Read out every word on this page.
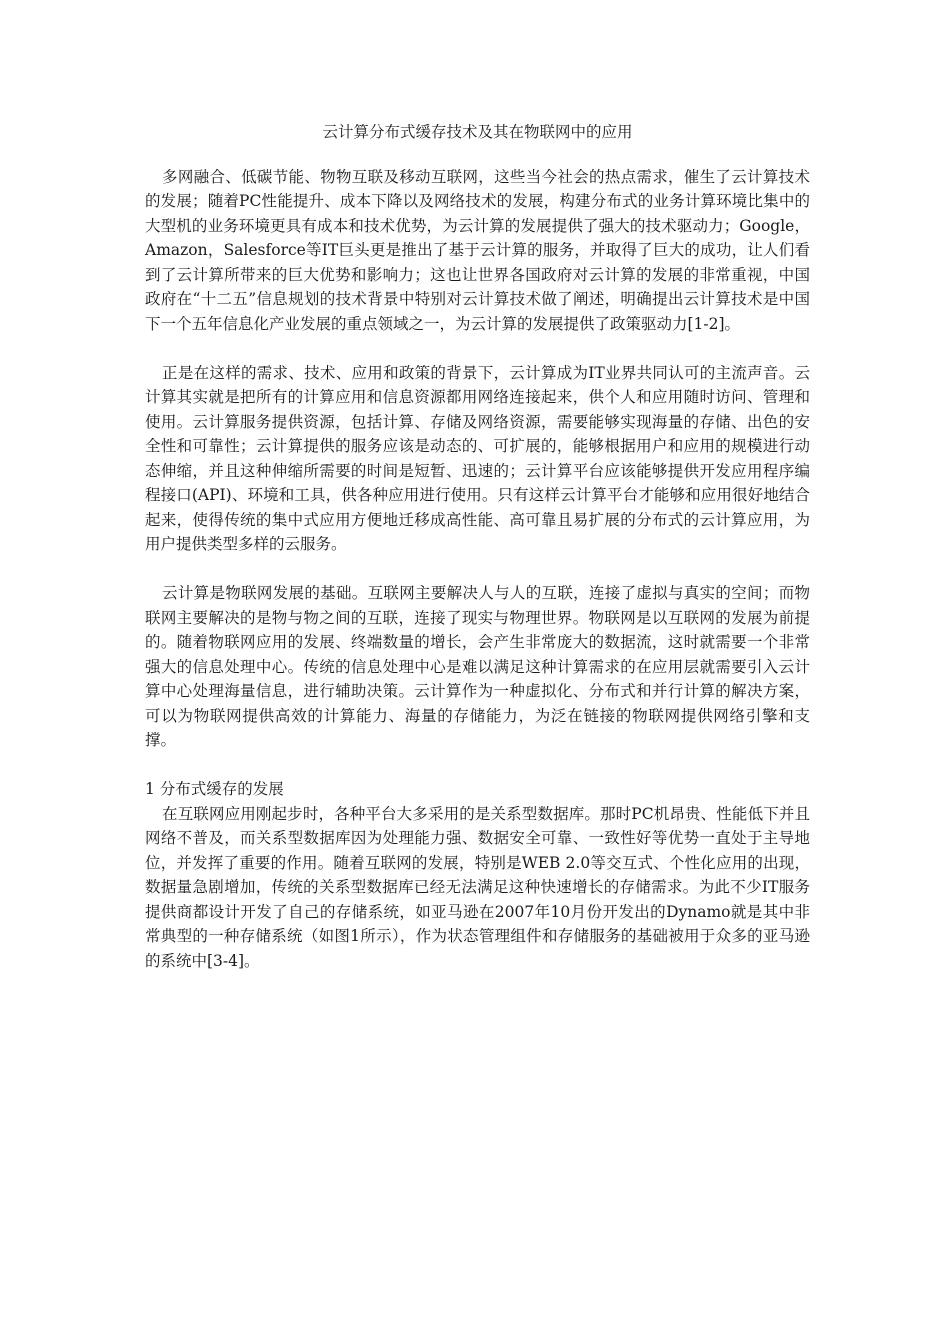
云计算分布式缓存技术及其在物联网中的应用

多网融合、低碳节能、物物互联及移动互联网，这些当今社会的热点需求，催生了云计算技术的发展；随着PC性能提升、成本下降以及网络技术的发展，构建分布式的业务计算环境比集中的大型机的业务环境更具有成本和技术优势，为云计算的发展提供了强大的技术驱动力；Google，Amazon，Salesforce等IT巨头更是推出了基于云计算的服务，并取得了巨大的成功，让人们看到了云计算所带来的巨大优势和影响力；这也让世界各国政府对云计算的发展的非常重视，中国政府在“十二五”信息规划的技术背景中特别对云计算技术做了阐述，明确提出云计算技术是中国下一个五年信息化产业发展的重点领域之一，为云计算的发展提供了政策驱动力[1-2]。

正是在这样的需求、技术、应用和政策的背景下，云计算成为IT业界共同认可的主流声音。云计算其实就是把所有的计算应用和信息资源都用网络连接起来，供个人和应用随时访问、管理和使用。云计算服务提供资源，包括计算、存储及网络资源，需要能够实现海量的存储、出色的安全性和可靠性；云计算提供的服务应该是动态的、可扩展的，能够根据用户和应用的规模进行动态伸缩，并且这种伸缩所需要的时间是短暂、迅速的；云计算平台应该能够提供开发应用程序编程接口(API)、环境和工具，供各种应用进行使用。只有这样云计算平台才能够和应用很好地结合起来，使得传统的集中式应用方便地迁移成高性能、高可靠且易扩展的分布式的云计算应用，为用户提供类型多样的云服务。

云计算是物联网发展的基础。互联网主要解决人与人的互联，连接了虚拟与真实的空间；而物联网主要解决的是物与物之间的互联，连接了现实与物理世界。物联网是以互联网的发展为前提的。随着物联网应用的发展、终端数量的增长，会产生非常庞大的数据流，这时就需要一个非常强大的信息处理中心。传统的信息处理中心是难以满足这种计算需求的在应用层就需要引入云计算中心处理海量信息，进行辅助决策。云计算作为一种虚拟化、分布式和并行计算的解决方案，可以为物联网提供高效的计算能力、海量的存储能力，为泛在链接的物联网提供网络引擎和支撑。

1 分布式缓存的发展

在互联网应用刚起步时，各种平台大多采用的是关系型数据库。那时PC机昂贵、性能低下并且网络不普及，而关系型数据库因为处理能力强、数据安全可靠、一致性好等优势一直处于主导地位，并发挥了重要的作用。随着互联网的发展，特别是WEB 2.0等交互式、个性化应用的出现，数据量急剧增加，传统的关系型数据库已经无法满足这种快速增长的存储需求。为此不少IT服务提供商都设计开发了自己的存储系统，如亚马逊在2007年10月份开发出的Dynamo就是其中非常典型的一种存储系统（如图1所示），作为状态管理组件和存储服务的基础被用于众多的亚马逊的系统中[3-4]。
